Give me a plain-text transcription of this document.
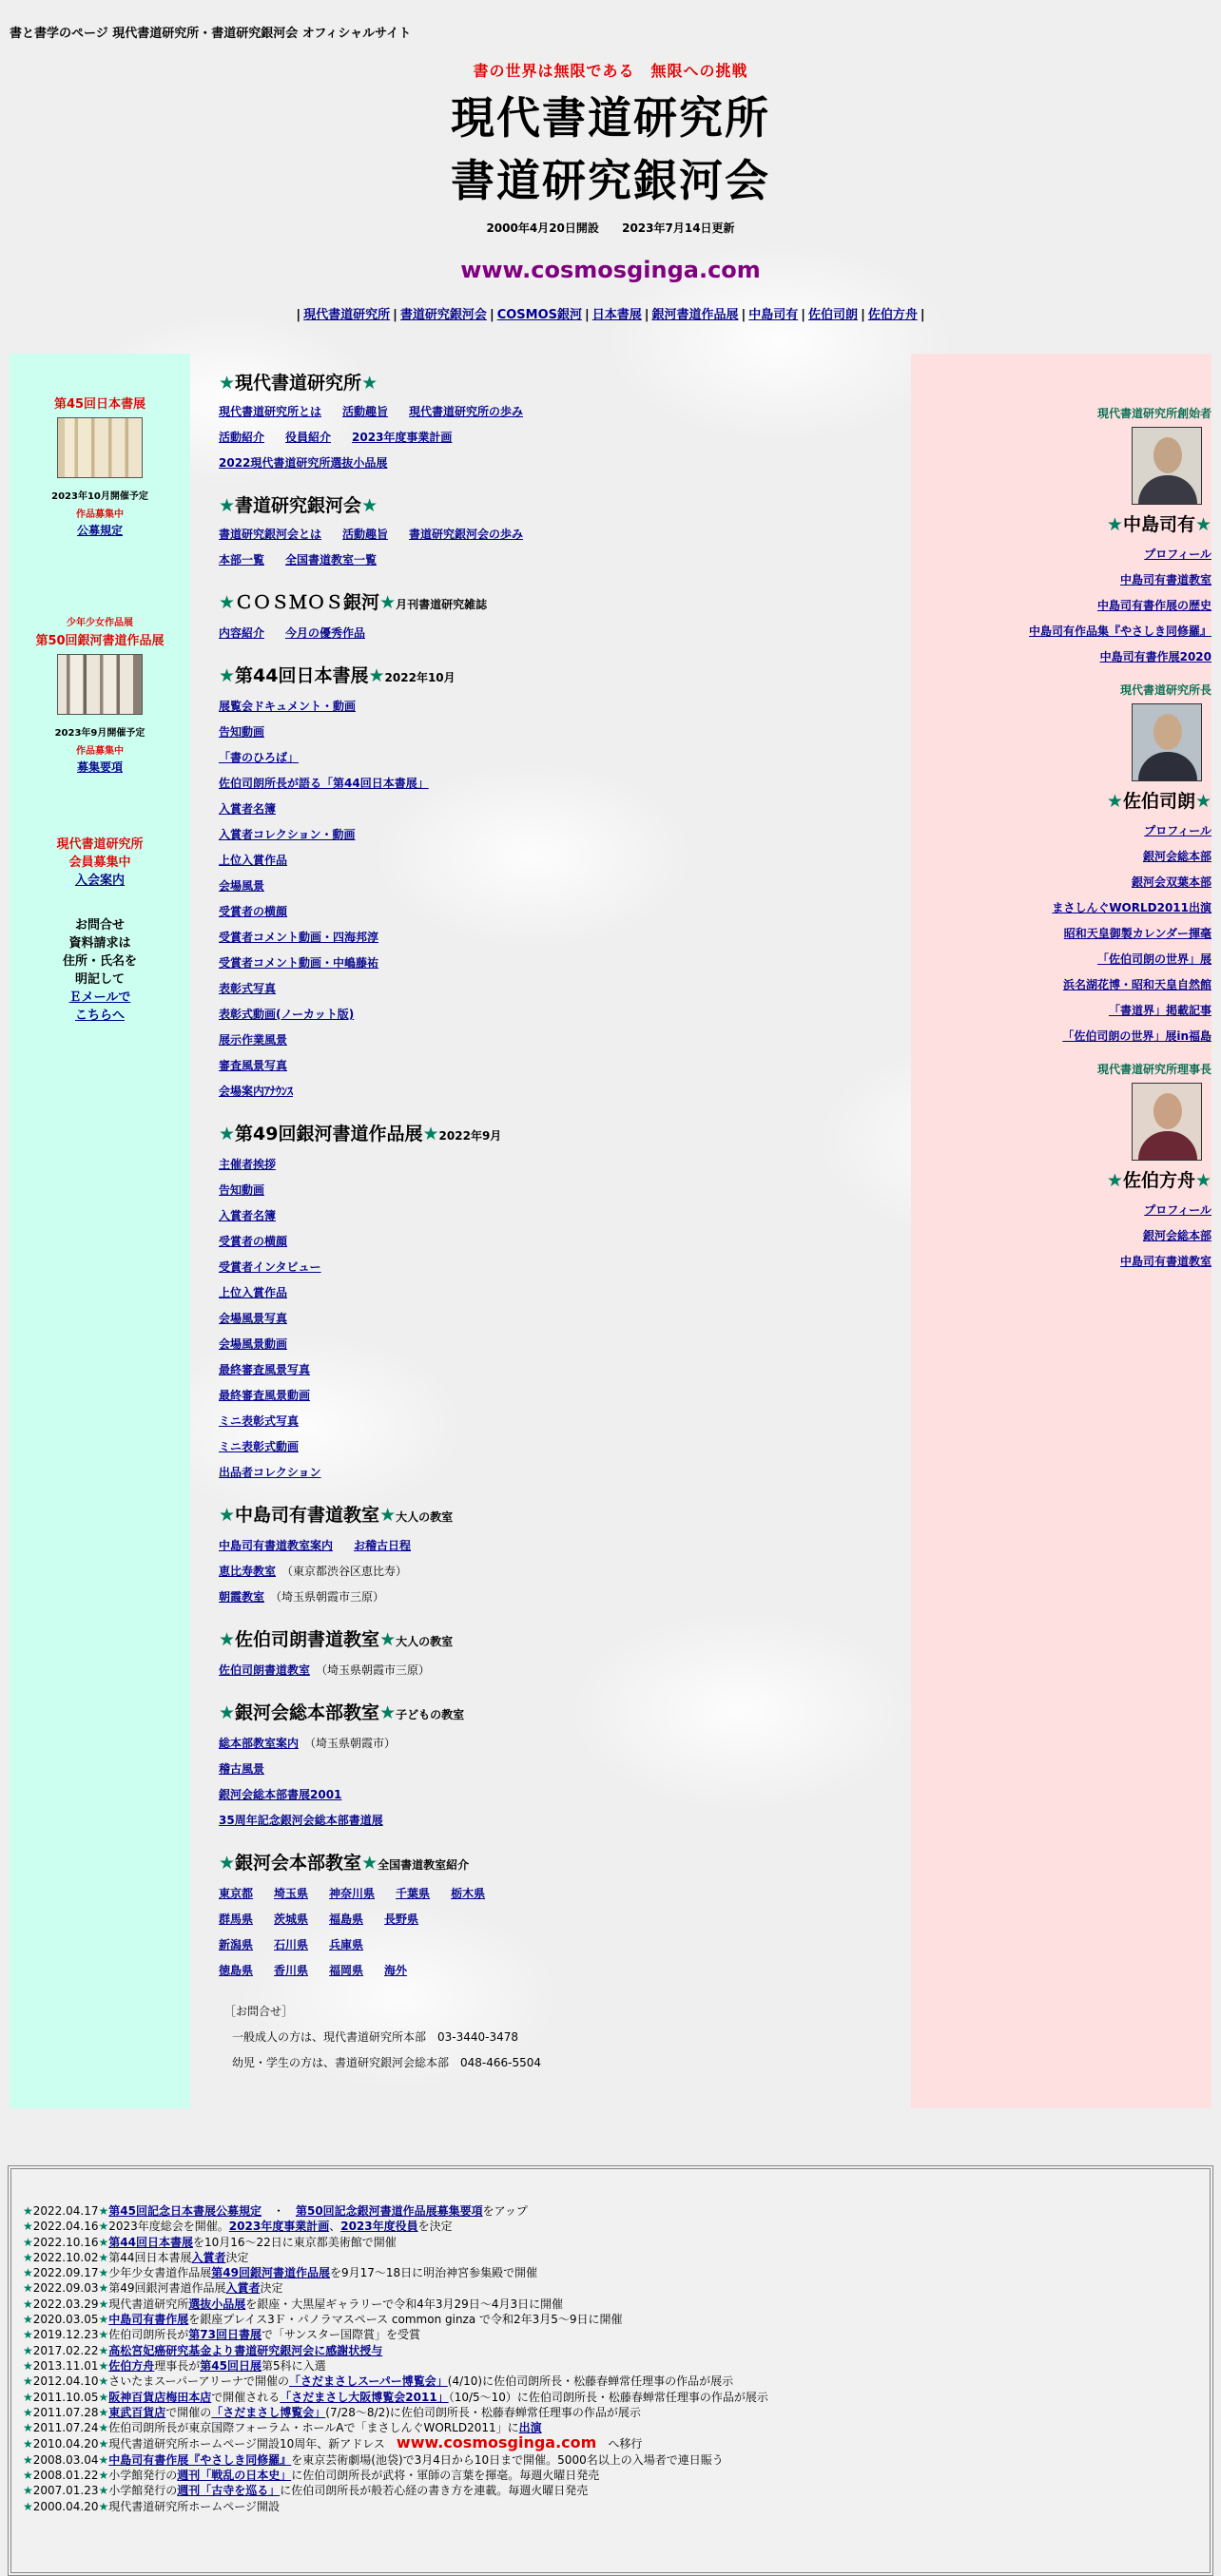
書と書学のページ 現代書道研究所・書道研究銀河会 オフィシャルサイト
書の世界は無限である　無限への挑戦
現代書道研究所
書道研究銀河会
2000年4月20日開設 2023年7月14日更新
www.cosmosginga.com
| 現代書道研究所 | 書道研究銀河会 | COSMOS銀河 | 日本書展 | 銀河書道作品展 | 中島司有 | 佐伯司朗 | 佐伯方舟 |
第45回日本書展
2023年10月開催予定
作品募集中
公募規定
少年少女作品展
第50回銀河書道作品展
2023年9月開催予定
作品募集中
募集要項
現代書道研究所
会員募集中
入会案内
お問合せ
資料請求は
住所・氏名を
明記して
Ｅメールで
こちらへ
現代書道研究所創始者
★中島司有★
プロフィール
中島司有書道教室
中島司有書作展の歴史
中島司有作品集『やさしき同修羅』
中島司有書作展2020
現代書道研究所長
★佐伯司朗★
プロフィール
銀河会総本部
銀河会双葉本部
まさしんぐWORLD2011出演
昭和天皇御製カレンダー揮毫
「佐伯司朗の世界」展
浜名湖花博・昭和天皇自然館
「書道界」掲載記事
「佐伯司朗の世界」展in福島
現代書道研究所理事長
★佐伯方舟★
プロフィール
銀河会総本部
中島司有書道教室
★現代書道研究所★
現代書道研究所とは 活動趣旨 現代書道研究所の歩み
活動紹介 役員紹介 2023年度事業計画
2022現代書道研究所選抜小品展
★書道研究銀河会★
書道研究銀河会とは 活動趣旨 書道研究銀河会の歩み
本部一覧 全国書道教室一覧
★ＣＯＳＭＯＳ銀河★月刊書道研究雑誌
内容紹介 今月の優秀作品
★第44回日本書展★2022年10月
展覧会ドキュメント・動画
告知動画
「書のひろば」
佐伯司朗所長が語る「第44回日本書展」
入賞者名簿
入賞者コレクション・動画
上位入賞作品
会場風景
受賞者の横顔
受賞者コメント動画・四海邦淳
受賞者コメント動画・中嶋藤祐
表彰式写真
表彰式動画(ノーカット版)
展示作業風景
審査風景写真
会場案内ｱﾅｳﾝｽ
★第49回銀河書道作品展★2022年9月
主催者挨拶
告知動画
入賞者名簿
受賞者の横顔
受賞者インタビュー
上位入賞作品
会場風景写真
会場風景動画
最終審査風景写真
最終審査風景動画
ミニ表彰式写真
ミニ表彰式動画
出品者コレクション
★中島司有書道教室★大人の教室
中島司有書道教室案内 お稽古日程
恵比寿教室 （東京都渋谷区恵比寿）
朝霞教室 （埼玉県朝霞市三原）
★佐伯司朗書道教室★大人の教室
佐伯司朗書道教室 （埼玉県朝霞市三原）
★銀河会総本部教室★子どもの教室
総本部教室案内 （埼玉県朝霞市）
稽古風景
銀河会総本部書展2001
35周年記念銀河会総本部書道展
★銀河会本部教室★全国書道教室紹介
東京都 埼玉県 神奈川県 千葉県 栃木県
群馬県 茨城県 福島県 長野県
新潟県 石川県 兵庫県
徳島県 香川県 福岡県 海外
［お問合せ］
一般成人の方は、現代書道研究所本部　03-3440-3478
幼児・学生の方は、書道研究銀河会総本部　048-466-5504
★2022.04.17★第45回記念日本書展公募規定　・　第50回記念銀河書道作品展募集要項をアップ
★2022.04.16★2023年度総会を開催。2023年度事業計画、2023年度役員を決定
★2022.10.16★第44回日本書展を10月16～22日に東京都美術館で開催
★2022.10.02★第44回日本書展入賞者決定
★2022.09.17★少年少女書道作品展第49回銀河書道作品展を9月17～18日に明治神宮参集殿で開催
★2022.09.03★第49回銀河書道作品展入賞者決定
★2022.03.29★現代書道研究所選抜小品展を銀座・大黒屋ギャラリーで令和4年3月29日～4月3日に開催
★2020.03.05★中島司有書作展を銀座プレイス3Ｆ・パノラマスペース common ginza で令和2年3月5～9日に開催
★2019.12.23★佐伯司朗所長が第73回日書展で「サンスター国際賞」を受賞
★2017.02.22★高松宮妃癌研究基金より書道研究銀河会に感謝状授与
★2013.11.01★佐伯方舟理事長が第45回日展第5科に入選
★2012.04.10★さいたまスーパーアリーナで開催の「さだまさしスーパー博覧会」(4/10)に佐伯司朗所長・松藤春蝉常任理事の作品が展示
★2011.10.05★阪神百貨店梅田本店で開催される「さだまさし大阪博覧会2011」（10/5～10）に佐伯司朗所長・松藤春蝉常任理事の作品が展示
★2011.07.28★東武百貨店で開催の「さだまさし博覧会」(7/28～8/2)に佐伯司朗所長・松藤春蝉常任理事の作品が展示
★2011.07.24★佐伯司朗所長が東京国際フォーラム・ホールAで「まさしんぐWORLD2011」に出演
★2010.04.20★現代書道研究所ホームページ開設10周年、新アドレス　www.cosmosginga.com　へ移行
★2008.03.04★中島司有書作展『やさしき同修羅』を東京芸術劇場(池袋)で3月4日から10日まで開催。5000名以上の入場者で連日賑う
★2008.01.22★小学館発行の週刊「戦乱の日本史」に佐伯司朗所長が武将・軍師の言葉を揮毫。毎週火曜日発売
★2007.01.23★小学館発行の週刊「古寺を巡る」に佐伯司朗所長が般若心経の書き方を連載。毎週火曜日発売
★2000.04.20★現代書道研究所ホームページ開設
